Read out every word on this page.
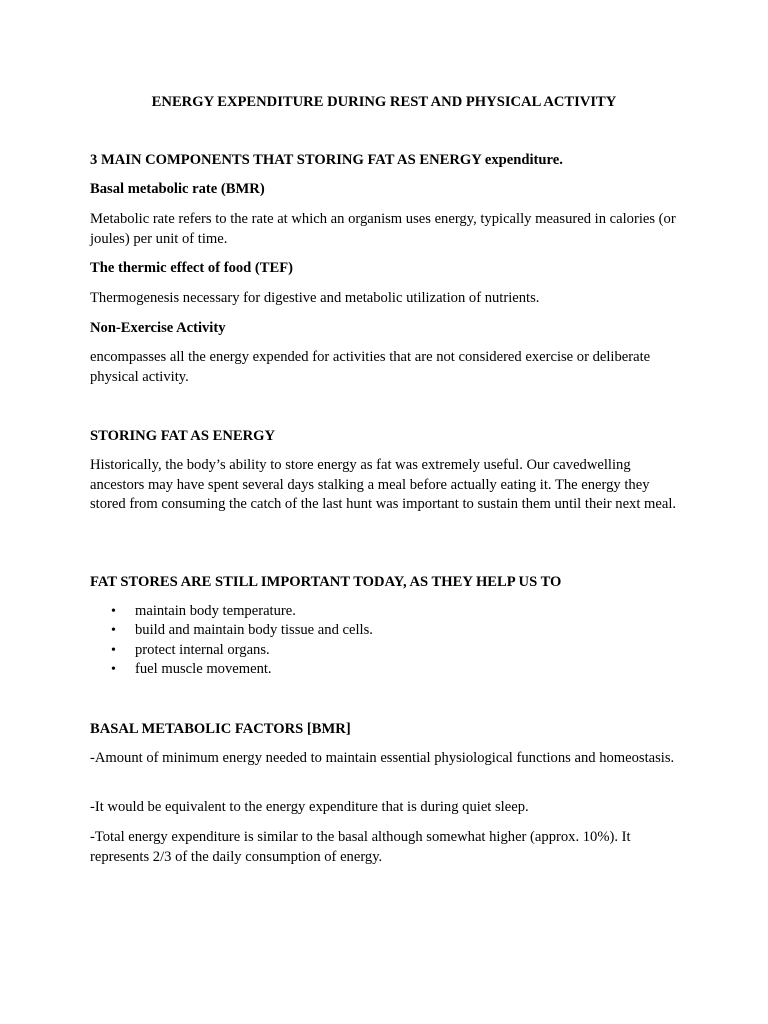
ENERGY EXPENDITURE DURING REST AND PHYSICAL ACTIVITY

3 MAIN COMPONENTS THAT STORING FAT AS ENERGY expenditure.

Basal metabolic rate (BMR)

Metabolic rate refers to the rate at which an organism uses energy, typically measured in calories (or joules) per unit of time.

The thermic effect of food (TEF)

Thermogenesis necessary for digestive and metabolic utilization of nutrients.

Non-Exercise Activity

encompasses all the energy expended for activities that are not considered exercise or deliberate physical activity.

STORING FAT AS ENERGY

Historically, the body’s ability to store energy as fat was extremely useful. Our cavedwelling ancestors may have spent several days stalking a meal before actually eating it. The energy they stored from consuming the catch of the last hunt was important to sustain them until their next meal.

FAT STORES ARE STILL IMPORTANT TODAY, AS THEY HELP US TO

• maintain body temperature.
• build and maintain body tissue and cells.
• protect internal organs.
• fuel muscle movement.

BASAL METABOLIC FACTORS [BMR]

-Amount of minimum energy needed to maintain essential physiological functions and homeostasis.

-It would be equivalent to the energy expenditure that is during quiet sleep.

-Total energy expenditure is similar to the basal although somewhat higher (approx. 10%). It represents 2/3 of the daily consumption of energy.
